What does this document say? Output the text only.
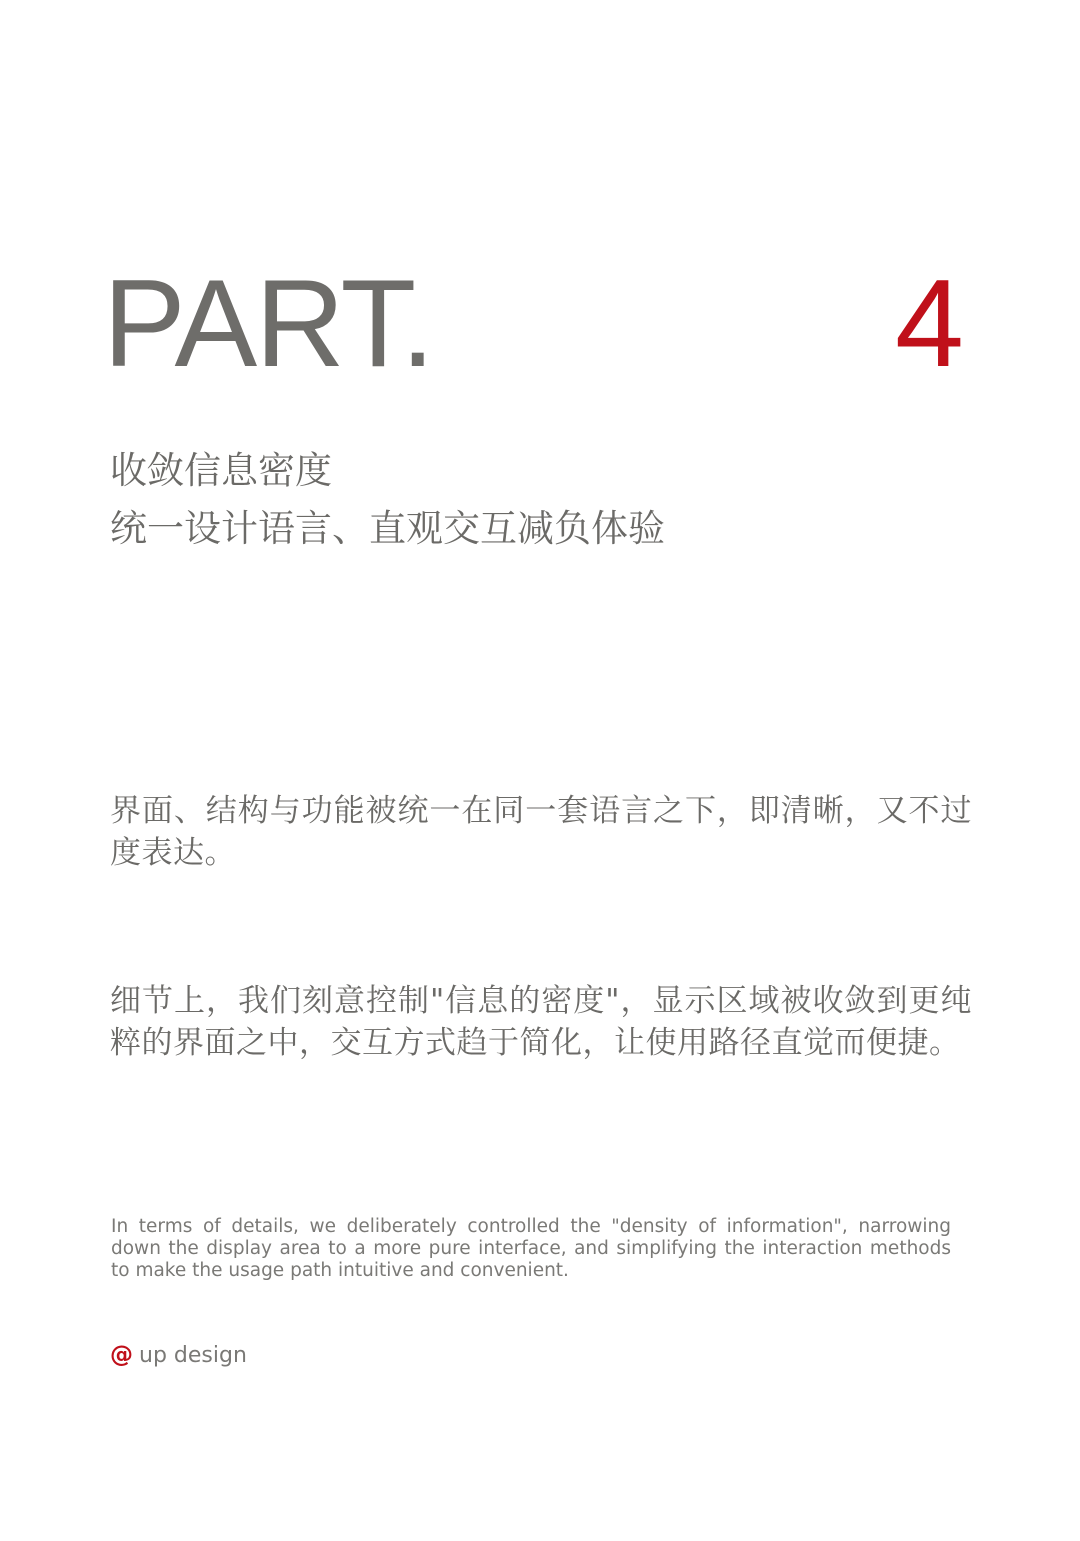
PART.	4
收敛信息密度
统一设计语言、直观交互减负体验
界面、结构与功能被统一在同一套语言之下，即清晰，又不过度表达。
细节上，我们刻意控制"信息的密度"，显示区域被收敛到更纯粹的界面之中，交互方式趋于简化，让使用路径直觉而便捷。
In terms of details, we deliberately controlled the "density of information", narrowing down the display area to a more pure interface, and simplifying the interaction methods to make the usage path intuitive and convenient.
@ up design
